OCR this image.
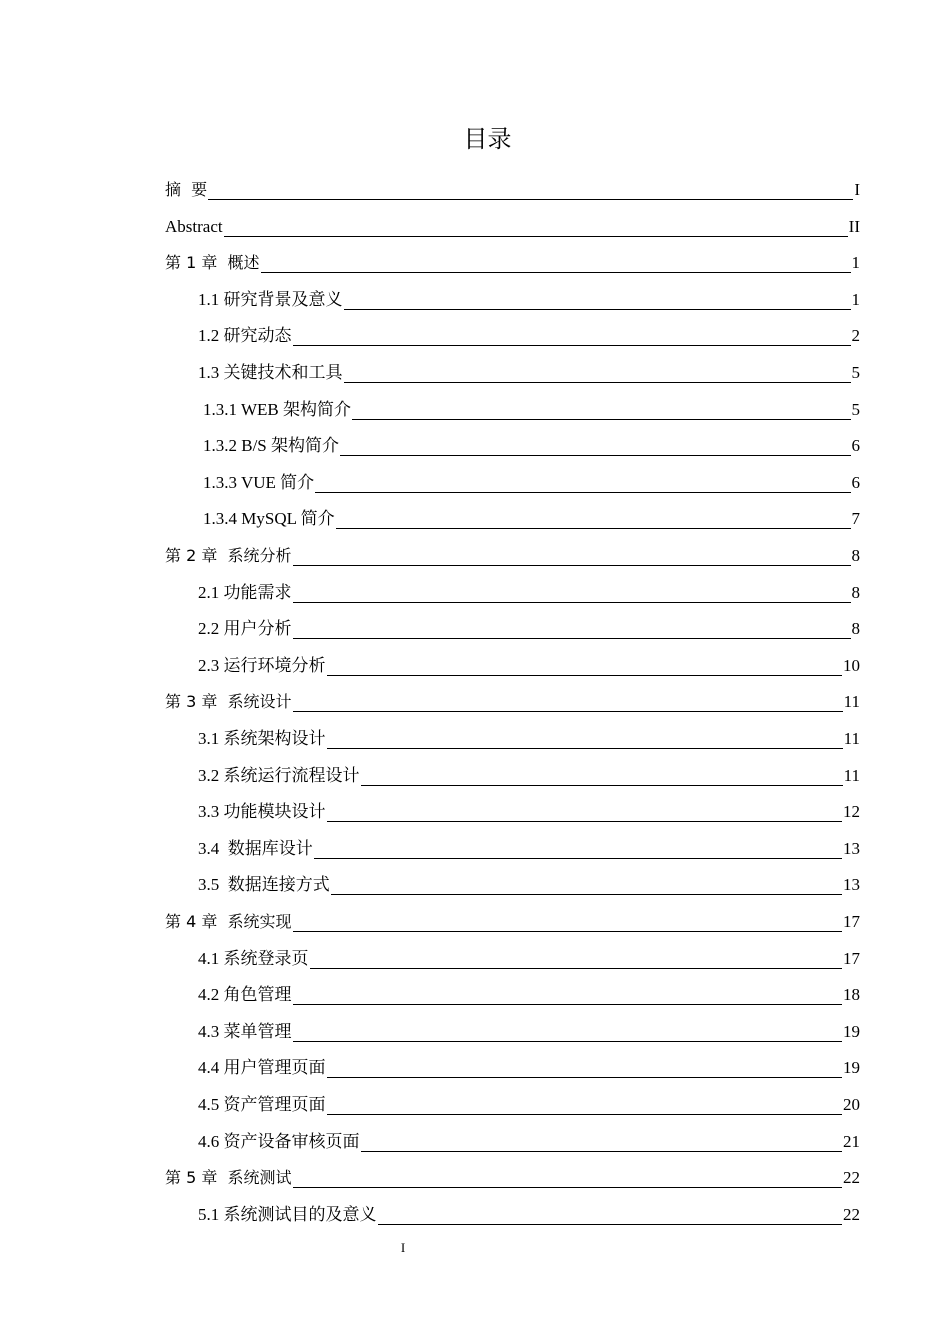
目录
摘  要	I
Abstract	II
第 1 章  概述	1
1.1 研究背景及意义	1
1.2 研究动态	2
1.3 关键技术和工具	5
1.3.1 WEB 架构简介	5
1.3.2 B/S 架构简介	6
1.3.3 VUE 简介	6
1.3.4 MySQL 简介	7
第 2 章  系统分析	8
2.1 功能需求	8
2.2 用户分析	8
2.3 运行环境分析	10
第 3 章  系统设计	11
3.1 系统架构设计	11
3.2 系统运行流程设计	11
3.3 功能模块设计	12
3.4  数据库设计	13
3.5  数据连接方式	13
第 4 章  系统实现	17
4.1 系统登录页	17
4.2 角色管理	18
4.3 菜单管理	19
4.4 用户管理页面	19
4.5 资产管理页面	20
4.6 资产设备审核页面	21
第 5 章  系统测试	22
5.1 系统测试目的及意义	22
I
